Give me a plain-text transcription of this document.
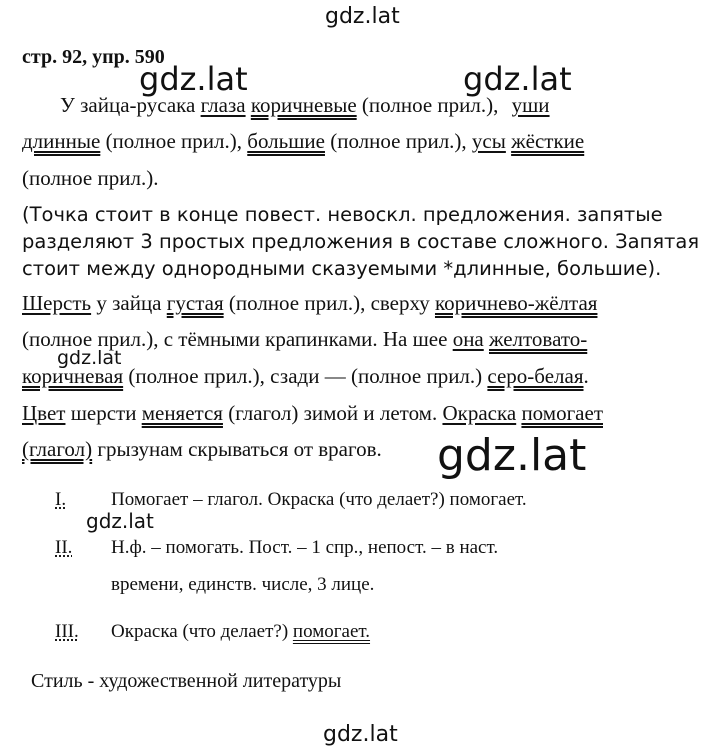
gdz.lat
gdz.lat	gdz.lat
gdz.lat
gdz.lat
gdz.lat
gdz.lat
стр. 92, упр. 590
У зайца-русака глаза коричневые (полное прил.), уши
длинные (полное прил.), большие (полное прил.), усы жёсткие
(полное прил.).
(Точка стоит в конце повест. невоскл. предложения. запятые
разделяют 3 простых предложения в составе сложного. Запятая
стоит между однородными сказуемыми *длинные, большие).
Шерсть у зайца густая (полное прил.), сверху коричнево-жёлтая
(полное прил.), с тёмными крапинками. На шее она желтовато-
коричневая (полное прил.), сзади — (полное прил.) серо-белая.
Цвет шерсти меняется (глагол) зимой и летом. Окраска помогает
(глагол) грызунам скрываться от врагов.
I. Помогает – глагол. Окраска (что делает?) помогает.
II. Н.ф. – помогать. Пост. – 1 спр., непост. – в наст.
времени, единств. числе, 3 лице.
III. Окраска (что делает?) помогает.
Стиль - художественной литературы
